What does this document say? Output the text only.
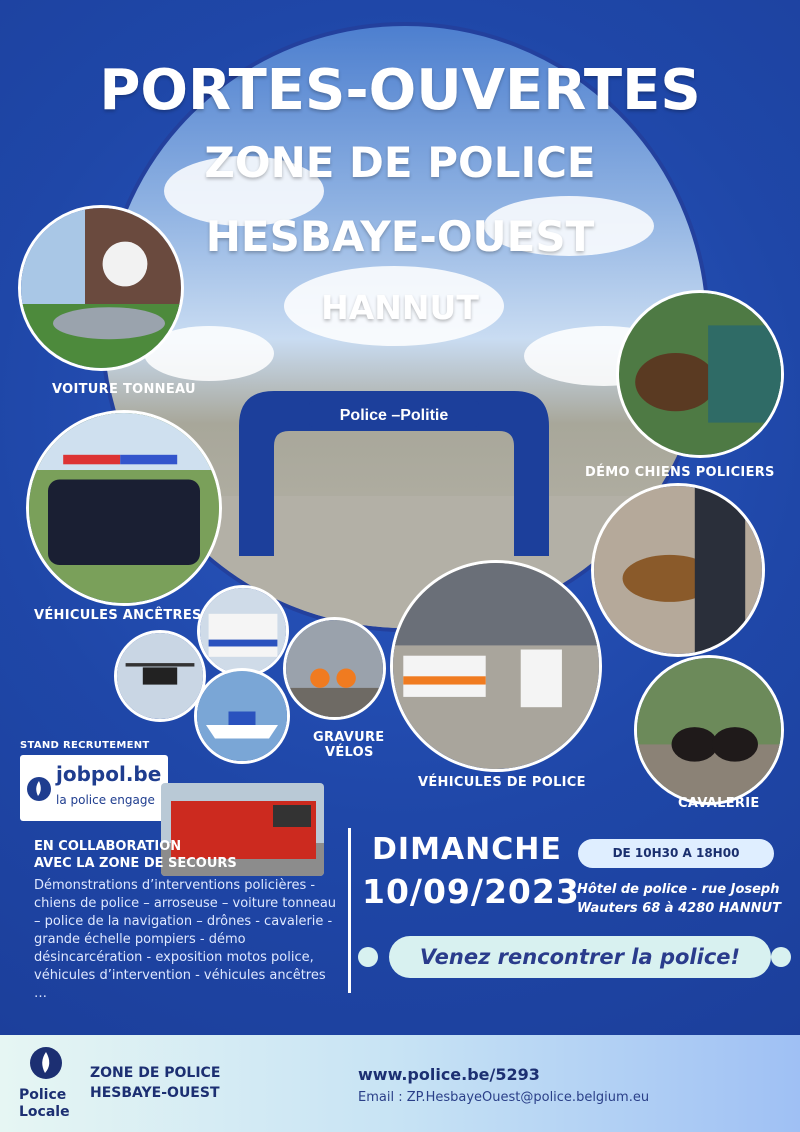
Police –Politie
PORTES-OUVERTES
ZONE DE POLICE
HESBAYE-OUEST
HANNUT
VOITURE TONNEAU
VÉHICULES ANCÊTRES
DÉMO CHIENS POLICIERS
CAVALERIE
GRAVURE
VÉLOS
VÉHICULES DE POLICE
STAND RECRUTEMENT
jobpol.be
la police engage
EN COLLABORATION
AVEC LA ZONE DE SECOURS
Démonstrations d’interventions policières - chiens de police – arroseuse – voiture tonneau – police de la navigation – drônes - cavalerie - grande échelle pompiers - démo désincarcération - exposition motos police, véhicules d’intervention - véhicules ancêtres …
DIMANCHE
10/09/2023
DE 10H30 A 18H00
Hôtel de police - rue Joseph
Wauters 68 à 4280 HANNUT
Venez rencontrer la police!
Police
Locale
ZONE DE POLICE
HESBAYE-OUEST
www.police.be/5293
Email : ZP.HesbayeOuest@police.belgium.eu
